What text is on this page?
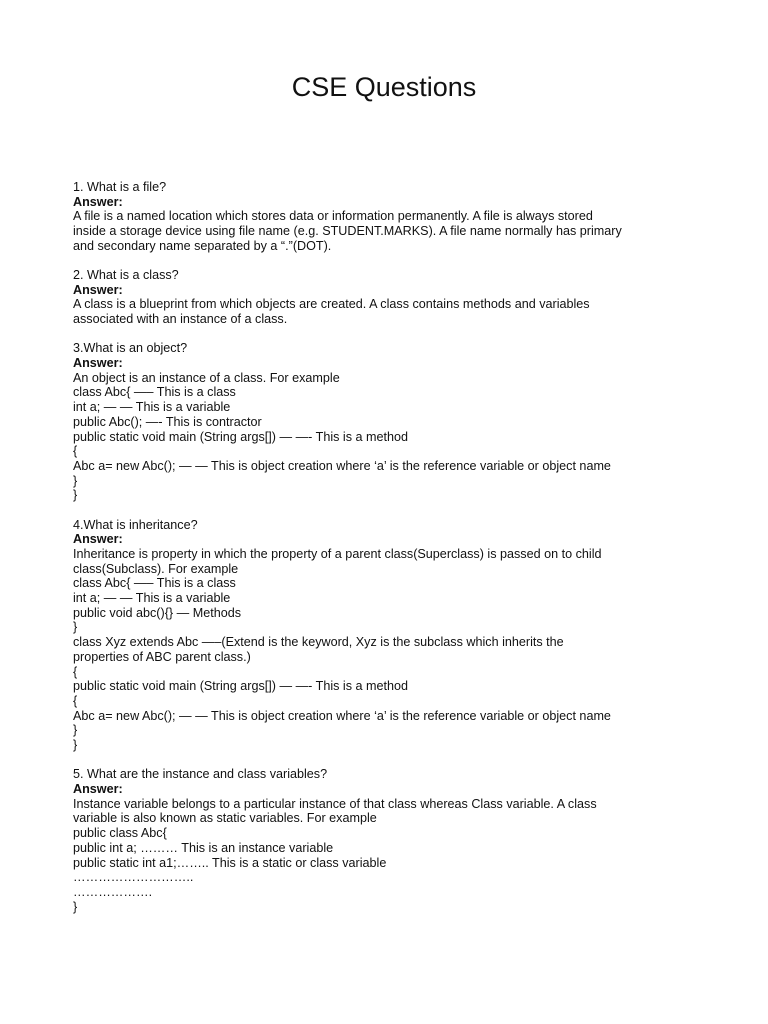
CSE Questions
1. What is a file?
Answer:
A file is a named location which stores data or information permanently. A file is always stored
inside a storage device using file name (e.g. STUDENT.MARKS). A file name normally has primary
and secondary name separated by a “.”(DOT).
2. What is a class?
Answer:
A class is a blueprint from which objects are created. A class contains methods and variables
associated with an instance of a class.
3.What is an object?
Answer:
An object is an instance of a class. For example
class Abc{ —– This is a class
int a; — — This is a variable
public Abc(); —- This is contractor
public static void main (String args[]) — —- This is a method
{
Abc a= new Abc(); — — This is object creation where ‘a’ is the reference variable or object name
}
}
4.What is inheritance?
Answer:
Inheritance is property in which the property of a parent class(Superclass) is passed on to child
class(Subclass). For example
class Abc{ —– This is a class
int a; — — This is a variable
public void abc(){} — Methods
}
class Xyz extends Abc —–(Extend is the keyword, Xyz is the subclass which inherits the
properties of ABC parent class.)
{
public static void main (String args[]) — —- This is a method
{
Abc a= new Abc(); — — This is object creation where ‘a’ is the reference variable or object name
}
}
5. What are the instance and class variables?
Answer:
Instance variable belongs to a particular instance of that class whereas Class variable. A class
variable is also known as static variables. For example
public class Abc{
public int a; ……… This is an instance variable
public static int a1;…….. This is a static or class variable
………………………..
……………….
}
